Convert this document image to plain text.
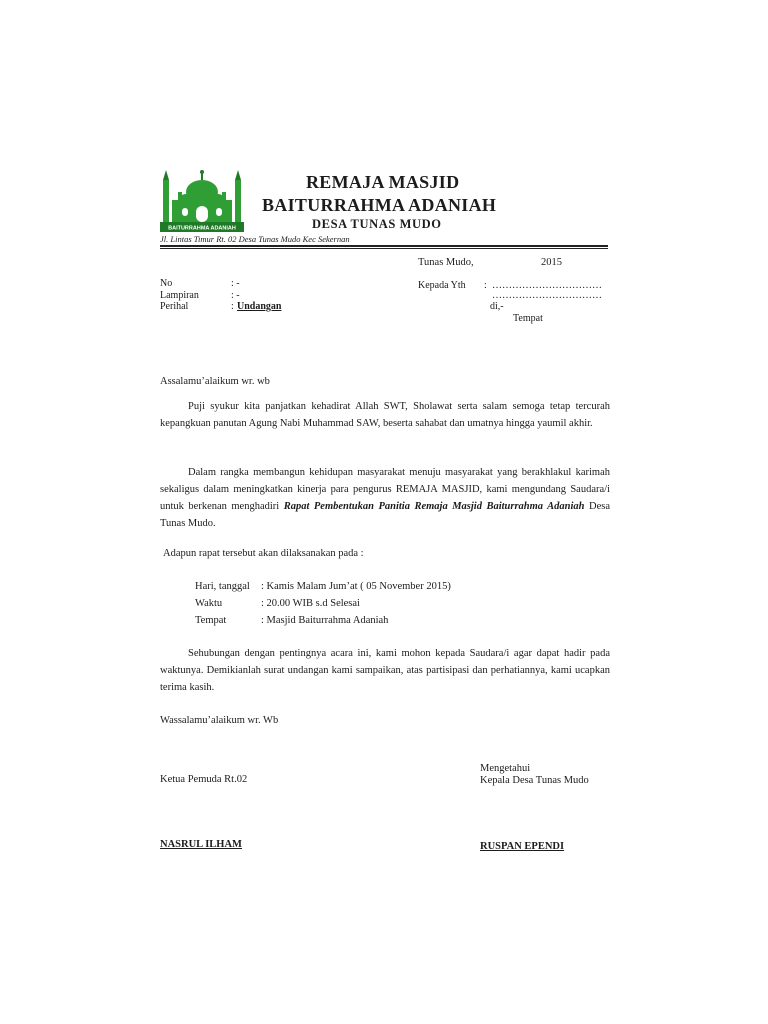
BAITURRAHMA ADANIAH
REMAJA MASJID
BAITURRAHMA ADANIAH
DESA TUNAS MUDO
Jl. Lintas Timur Rt. 02 Desa Tunas Mudo Kec Sekernan
Tunas Mudo,	2015
No	: -
Lampiran	: -
Perihal	: Undangan
Kepada Yth : ……………………………
……………………………
di,-
Tempat
Assalamu’alaikum wr. wb
Puji syukur kita panjatkan kehadirat Allah SWT, Sholawat serta salam semoga tetap tercurah kepangkuan panutan Agung Nabi Muhammad SAW, beserta sahabat dan umatnya hingga yaumil akhir.
Dalam rangka membangun kehidupan masyarakat menuju masyarakat yang berakhlakul karimah sekaligus dalam meningkatkan kinerja para pengurus REMAJA MASJID, kami mengundang Saudara/i untuk berkenan menghadiri Rapat Pembentukan Panitia Remaja Masjid Baiturrahma Adaniah Desa Tunas Mudo.
Adapun rapat tersebut akan dilaksanakan pada :
Hari, tanggal : Kamis Malam Jum’at ( 05 November 2015)
Waktu	: 20.00 WIB s.d Selesai
Tempat	: Masjid Baiturrahma Adaniah
Sehubungan dengan pentingnya acara ini, kami mohon kepada Saudara/i agar dapat hadir pada waktunya. Demikianlah surat undangan kami sampaikan, atas partisipasi dan perhatiannya, kami ucapkan terima kasih.
Wassalamu’alaikum wr. Wb
Ketua Pemuda Rt.02
NASRUL ILHAM
Mengetahui
Kepala Desa Tunas Mudo
RUSPAN EPENDI
